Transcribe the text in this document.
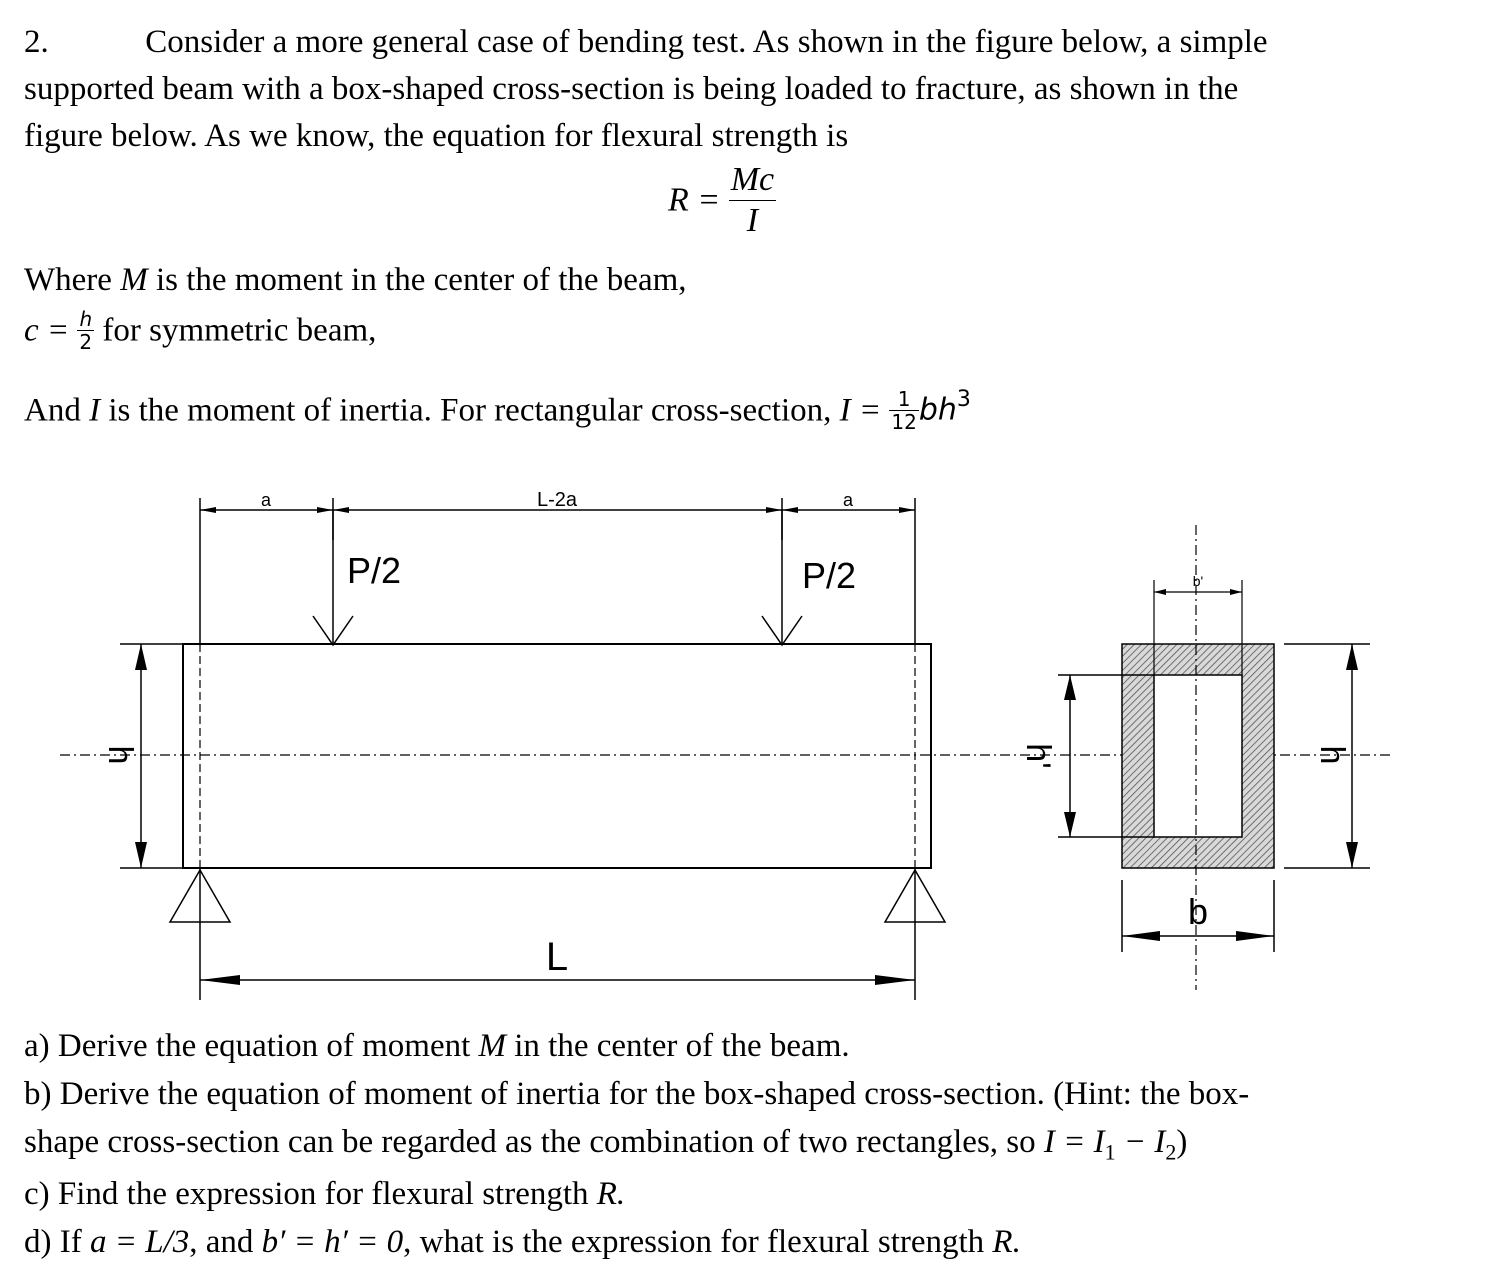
2.	Consider a more general case of bending test. As shown in the figure below, a simple
supported beam with a box-shaped cross-section is being loaded to fracture, as shown in the
figure below. As we know, the equation for flexural strength is
$R = \frac{Mc}{I}$
Where M is the moment in the center of the beam,
$c = \frac{h}{2}$ for symmetric beam,
And I is the moment of inertia. For rectangular cross-section, $I = \frac{1}{12} bh^3$
a	L-2a	a
P/2	P/2
h
L
b'
h'	h
b
a) Derive the equation of moment M in the center of the beam.
b) Derive the equation of moment of inertia for the box-shaped cross-section. (Hint: the box-
shape cross-section can be regarded as the combination of two rectangles, so $I = I_1 - I_2$)
c) Find the expression for flexural strength R.
d) If a = L/3, and b′ = h′ = 0, what is the expression for flexural strength R.
